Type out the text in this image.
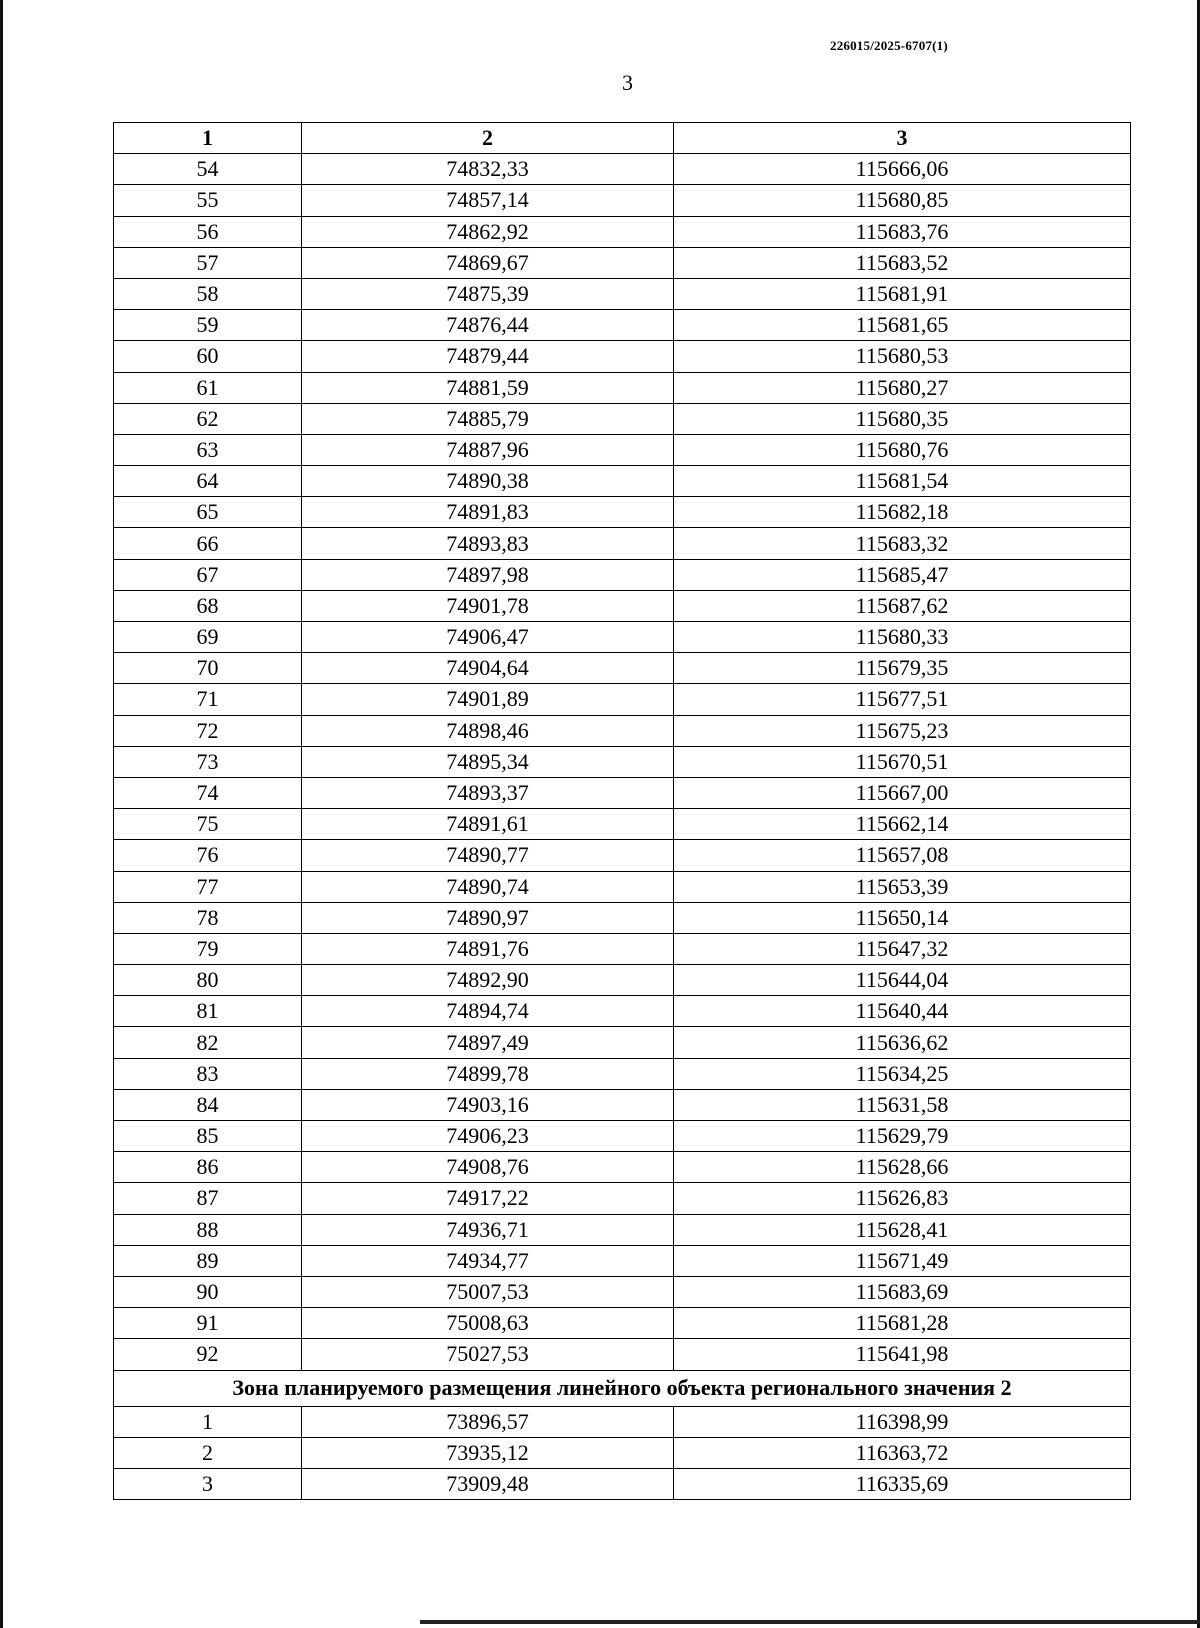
226015/2025-6707(1)
3
1	2	3
54	74832,33	115666,06
55	74857,14	115680,85
56	74862,92	115683,76
57	74869,67	115683,52
58	74875,39	115681,91
59	74876,44	115681,65
60	74879,44	115680,53
61	74881,59	115680,27
62	74885,79	115680,35
63	74887,96	115680,76
64	74890,38	115681,54
65	74891,83	115682,18
66	74893,83	115683,32
67	74897,98	115685,47
68	74901,78	115687,62
69	74906,47	115680,33
70	74904,64	115679,35
71	74901,89	115677,51
72	74898,46	115675,23
73	74895,34	115670,51
74	74893,37	115667,00
75	74891,61	115662,14
76	74890,77	115657,08
77	74890,74	115653,39
78	74890,97	115650,14
79	74891,76	115647,32
80	74892,90	115644,04
81	74894,74	115640,44
82	74897,49	115636,62
83	74899,78	115634,25
84	74903,16	115631,58
85	74906,23	115629,79
86	74908,76	115628,66
87	74917,22	115626,83
88	74936,71	115628,41
89	74934,77	115671,49
90	75007,53	115683,69
91	75008,63	115681,28
92	75027,53	115641,98
Зона планируемого размещения линейного объекта регионального значения 2		
1	73896,57	116398,99
2	73935,12	116363,72
3	73909,48	116335,69
